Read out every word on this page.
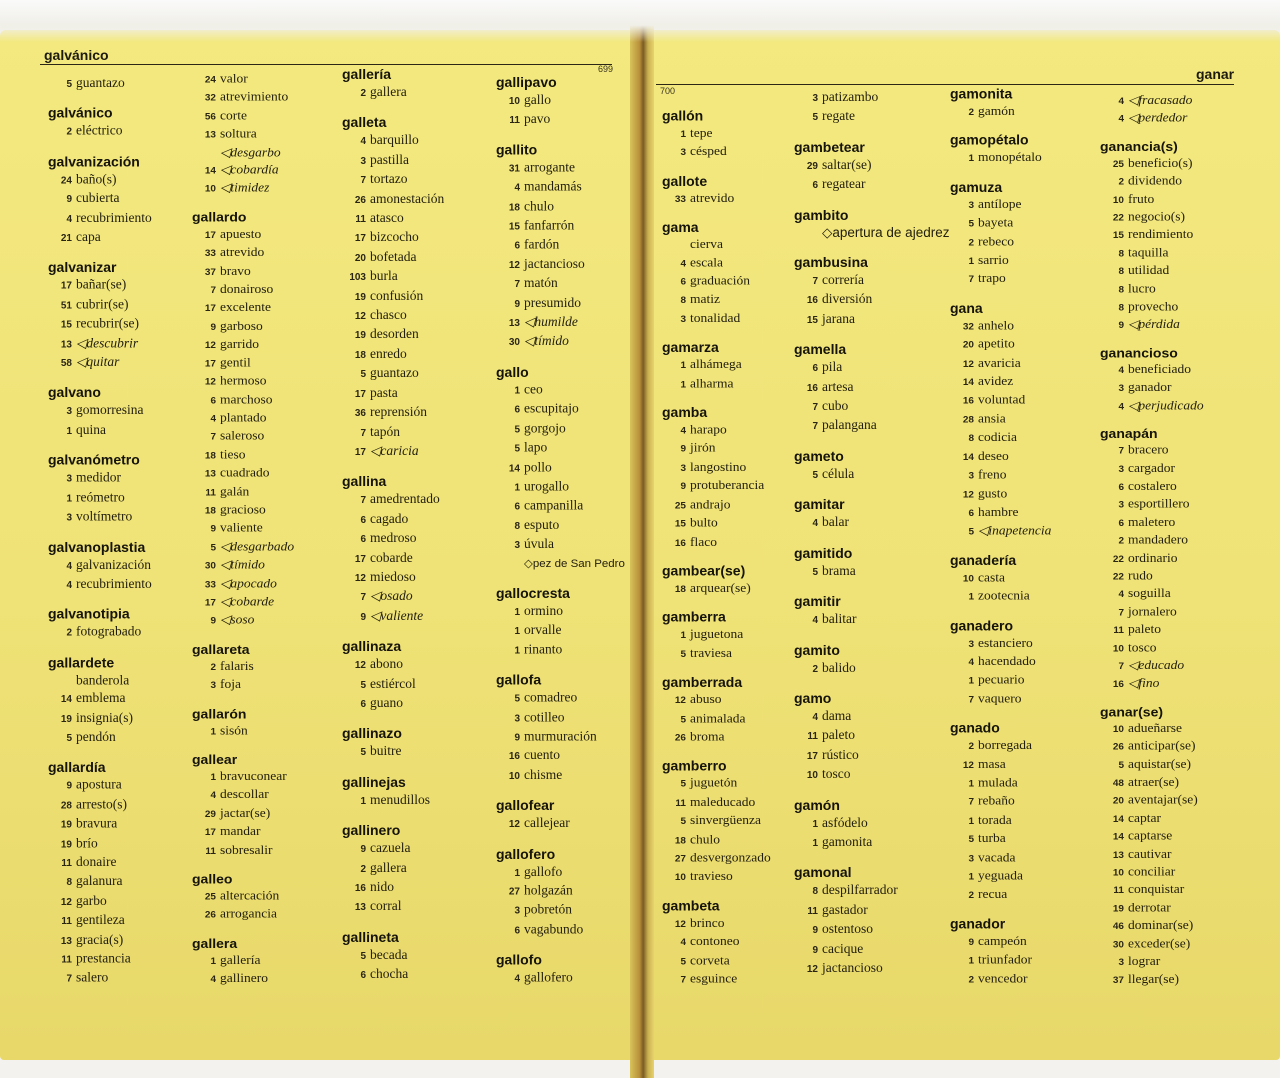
galvánico
699	ganar
700
5 guantazo
galvánico
2 eléctrico
galvanización
24 baño(s)
9 cubierta
4 recubrimiento
21 capa
galvanizar
17 bañar(se)
51 cubrir(se)
15 recubrir(se)
13 ◁descubrir
58 ◁quitar
galvano
3 gomorresina
1 quina
galvanómetro
3 medidor
1 reómetro
3 voltímetro
galvanoplastia
4 galvanización
4 recubrimiento
galvanotipia
2 fotograbado
gallardete
banderola
14 emblema
19 insignia(s)
5 pendón
gallardía
9 apostura
28 arresto(s)
19 bravura
19 brío
11 donaire
8 galanura
12 garbo
11 gentileza
13 gracia(s)
11 prestancia
7 salero
24 valor
32 atrevimiento
56 corte
13 soltura
◁desgarbo
14 ◁cobardía
10 ◁timidez
gallardo
17 apuesto
33 atrevido
37 bravo
7 donairoso
17 excelente
9 garboso
12 garrido
17 gentil
12 hermoso
6 marchoso
4 plantado
7 saleroso
18 tieso
13 cuadrado
11 galán
18 gracioso
9 valiente
5 ◁desgarbado
30 ◁tímido
33 ◁apocado
17 ◁cobarde
9 ◁soso
gallareta
2 falaris
3 foja
gallarón
1 sisón
gallear
1 bravuconear
4 descollar
29 jactar(se)
17 mandar
11 sobresalir
galleo
25 altercación
26 arrogancia
gallera
1 gallería
4 gallinero
gallería
2 gallera
galleta
4 barquillo
3 pastilla
7 tortazo
26 amonestación
11 atasco
17 bizcocho
20 bofetada
103 burla
19 confusión
12 chasco
19 desorden
18 enredo
5 guantazo
17 pasta
36 reprensión
7 tapón
17 ◁caricia
gallina
7 amedrentado
6 cagado
6 medroso
17 cobarde
12 miedoso
7 ◁osado
9 ◁valiente
gallinaza
12 abono
5 estiércol
6 guano
gallinazo
5 buitre
gallinejas
1 menudillos
gallinero
9 cazuela
2 gallera
16 nido
13 corral
gallineta
5 becada
6 chocha
gallipavo
10 gallo
11 pavo
gallito
31 arrogante
4 mandamás
18 chulo
15 fanfarrón
6 fardón
12 jactancioso
7 matón
9 presumido
13 ◁humilde
30 ◁tímido
gallo
1 ceo
6 escupitajo
5 gorgojo
5 lapo
14 pollo
1 urogallo
6 campanilla
8 esputo
3 úvula
◇pez de San Pedro
gallocresta
1 ormino
1 orvalle
1 rinanto
gallofa
5 comadreo
3 cotilleo
9 murmuración
16 cuento
10 chisme
gallofear
12 callejear
gallofero
1 gallofo
27 holgazán
3 pobretón
6 vagabundo
gallofo
4 gallofero
gallón
1 tepe
3 césped
gallote
33 atrevido
gama
cierva
4 escala
6 graduación
8 matiz
3 tonalidad
gamarza
1 alhámega
1 alharma
gamba
4 harapo
9 jirón
3 langostino
9 protuberancia
25 andrajo
15 bulto
16 flaco
gambear(se)
18 arquear(se)
gamberra
1 juguetona
5 traviesa
gamberrada
12 abuso
5 animalada
26 broma
gamberro
5 juguetón
11 maleducado
5 sinvergüenza
18 chulo
27 desvergonzado
10 travieso
gambeta
12 brinco
4 contoneo
5 corveta
7 esguince
3 patizambo
5 regate
gambetear
29 saltar(se)
6 regatear
gambito
◇apertura de ajedrez
gambusina
7 correría
16 diversión
15 jarana
gamella
6 pila
16 artesa
7 cubo
7 palangana
gameto
5 célula
gamitar
4 balar
gamitido
5 brama
gamitir
4 balitar
gamito
2 balido
gamo
4 dama
11 paleto
17 rústico
10 tosco
gamón
1 asfódelo
1 gamonita
gamonal
8 despilfarrador
11 gastador
9 ostentoso
9 cacique
12 jactancioso
gamonita
2 gamón
gamopétalo
1 monopétalo
gamuza
3 antílope
5 bayeta
2 rebeco
1 sarrio
7 trapo
gana
32 anhelo
20 apetito
12 avaricia
14 avidez
16 voluntad
28 ansia
8 codicia
14 deseo
3 freno
12 gusto
6 hambre
5 ◁inapetencia
ganadería
10 casta
1 zootecnia
ganadero
3 estanciero
4 hacendado
1 pecuario
7 vaquero
ganado
2 borregada
12 masa
1 mulada
7 rebaño
1 torada
5 turba
3 vacada
1 yeguada
2 recua
ganador
9 campeón
1 triunfador
2 vencedor
4 ◁fracasado
4 ◁perdedor
ganancia(s)
25 beneficio(s)
2 dividendo
10 fruto
22 negocio(s)
15 rendimiento
8 taquilla
8 utilidad
8 lucro
8 provecho
9 ◁pérdida
ganancioso
4 beneficiado
3 ganador
4 ◁perjudicado
ganapán
7 bracero
3 cargador
6 costalero
3 esportillero
6 maletero
2 mandadero
22 ordinario
22 rudo
4 soguilla
7 jornalero
11 paleto
10 tosco
7 ◁educado
16 ◁fino
ganar(se)
10 adueñarse
26 anticipar(se)
5 aquistar(se)
48 atraer(se)
20 aventajar(se)
14 captar
14 captarse
13 cautivar
10 conciliar
11 conquistar
19 derrotar
46 dominar(se)
30 exceder(se)
3 lograr
37 llegar(se)
